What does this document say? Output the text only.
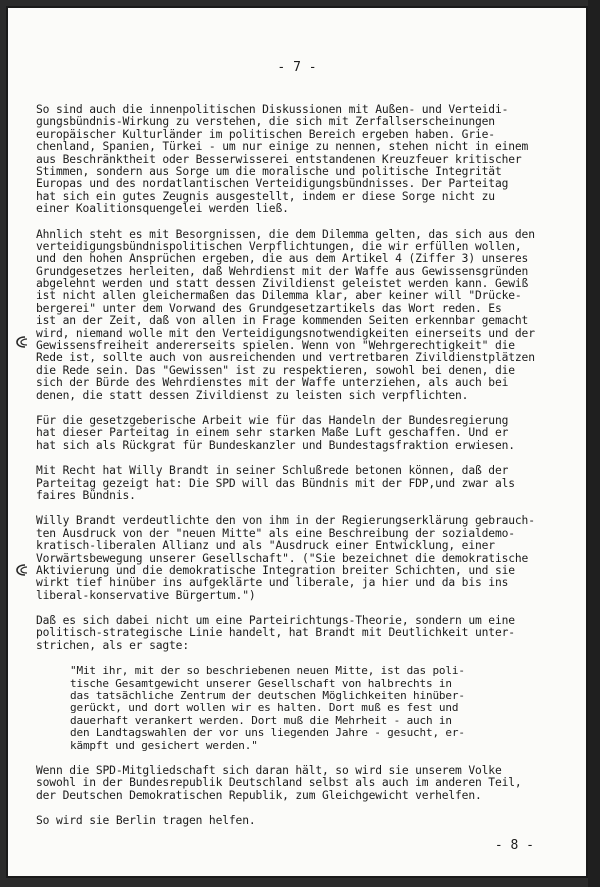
- 7 -
So sind auch die innenpolitischen Diskussionen mit Außen- und Verteidi-
gungsbündnis-Wirkung zu verstehen, die sich mit Zerfallserscheinungen
europäischer Kulturländer im politischen Bereich ergeben haben. Grie-
chenland, Spanien, Türkei - um nur einige zu nennen, stehen nicht in einem
aus Beschränktheit oder Besserwisserei entstandenen Kreuzfeuer kritischer
Stimmen, sondern aus Sorge um die moralische und politische Integrität
Europas und des nordatlantischen Verteidigungsbündnisses. Der Parteitag
hat sich ein gutes Zeugnis ausgestellt, indem er diese Sorge nicht zu
einer Koalitionsquengelei werden ließ.
Ähnlich steht es mit Besorgnissen, die dem Dilemma gelten, das sich aus den
verteidigungsbündnispolitischen Verpflichtungen, die wir erfüllen wollen,
und den hohen Ansprüchen ergeben, die aus dem Artikel 4 (Ziffer 3) unseres
Grundgesetzes herleiten, daß Wehrdienst mit der Waffe aus Gewissensgründen
abgelehnt werden und statt dessen Zivildienst geleistet werden kann. Gewiß
ist nicht allen gleichermaßen das Dilemma klar, aber keiner will "Drücke-
bergerei" unter dem Vorwand des Grundgesetzartikels das Wort reden. Es
ist an der Zeit, daß von allen in Frage kommenden Seiten erkennbar gemacht
wird, niemand wolle mit den Verteidigungsnotwendigkeiten einerseits und der
Gewissensfreiheit andererseits spielen. Wenn von "Wehrgerechtigkeit" die
Rede ist, sollte auch von ausreichenden und vertretbaren Zivildienstplätzen
die Rede sein. Das "Gewissen" ist zu respektieren, sowohl bei denen, die
sich der Bürde des Wehrdienstes mit der Waffe unterziehen, als auch bei
denen, die statt dessen Zivildienst zu leisten sich verpflichten.
Für die gesetzgeberische Arbeit wie für das Handeln der Bundesregierung
hat dieser Parteitag in einem sehr starken Maße Luft geschaffen. Und er
hat sich als Rückgrat für Bundeskanzler und Bundestagsfraktion erwiesen.
Mit Recht hat Willy Brandt in seiner Schlußrede betonen können, daß der
Parteitag gezeigt hat: Die SPD will das Bündnis mit der FDP,und zwar als
faires Bündnis.
Willy Brandt verdeutlichte den von ihm in der Regierungserklärung gebrauch-
ten Ausdruck von der "neuen Mitte" als eine Beschreibung der sozialdemo-
kratisch-liberalen Allianz und als "Ausdruck einer Entwicklung, einer
Vorwärtsbewegung unserer Gesellschaft". ("Sie bezeichnet die demokratische
Aktivierung und die demokratische Integration breiter Schichten, und sie
wirkt tief hinüber ins aufgeklärte und liberale, ja hier und da bis ins
liberal-konservative Bürgertum.")
Daß es sich dabei nicht um eine Parteirichtungs-Theorie, sondern um eine
politisch-strategische Linie handelt, hat Brandt mit Deutlichkeit unter-
strichen, als er sagte:
"Mit ihr, mit der so beschriebenen neuen Mitte, ist das poli-
tische Gesamtgewicht unserer Gesellschaft von halbrechts in
das tatsächliche Zentrum der deutschen Möglichkeiten hinüber-
gerückt, und dort wollen wir es halten. Dort muß es fest und
dauerhaft verankert werden. Dort muß die Mehrheit - auch in
den Landtagswahlen der vor uns liegenden Jahre - gesucht, er-
kämpft und gesichert werden."
Wenn die SPD-Mitgliedschaft sich daran hält, so wird sie unserem Volke
sowohl in der Bundesrepublik Deutschland selbst als auch im anderen Teil,
der Deutschen Demokratischen Republik, zum Gleichgewicht verhelfen.
So wird sie Berlin tragen helfen.
- 8 -
